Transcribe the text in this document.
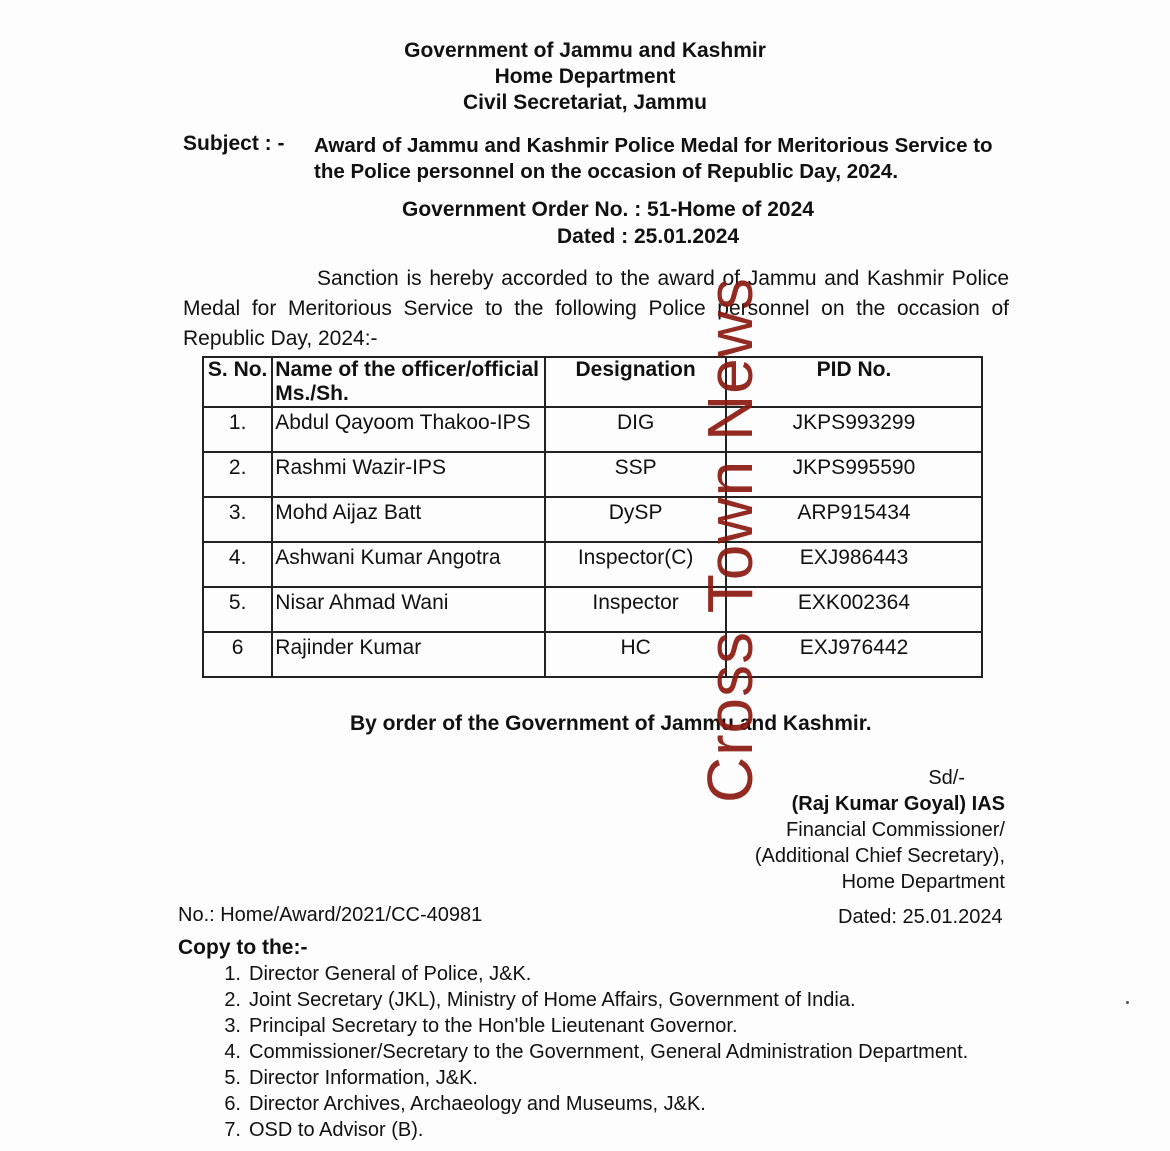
Government of Jammu and Kashmir
Home Department
Civil Secretariat, Jammu
Subject : - Award of Jammu and Kashmir Police Medal for Meritorious Service to the Police personnel on the occasion of Republic Day, 2024.
Government Order No. : 51-Home of 2024
Dated : 25.01.2024
Sanction is hereby accorded to the award of Jammu and Kashmir Police Medal for Meritorious Service to the following Police personnel on the occasion of Republic Day, 2024:-
S. No.	Name of the officer/official Ms./Sh.	Designation	PID No.
1.	Abdul Qayoom Thakoo-IPS	DIG	JKPS993299
2.	Rashmi Wazir-IPS	SSP	JKPS995590
3.	Mohd Aijaz Batt	DySP	ARP915434
4.	Ashwani Kumar Angotra	Inspector(C)	EXJ986443
5.	Nisar Ahmad Wani	Inspector	EXK002364
6	Rajinder Kumar	HC	EXJ976442
By order of the Government of Jammu and Kashmir.
Sd/-
(Raj Kumar Goyal) IAS
Financial Commissioner/
(Additional Chief Secretary),
Home Department
No.: Home/Award/2021/CC-40981	Dated: 25.01.2024
Copy to the:-
1. Director General of Police, J&K.
2. Joint Secretary (JKL), Ministry of Home Affairs, Government of India.
3. Principal Secretary to the Hon'ble Lieutenant Governor.
4. Commissioner/Secretary to the Government, General Administration Department.
5. Director Information, J&K.
6. Director Archives, Archaeology and Museums, J&K.
7. OSD to Advisor (B).
Cross Town News
